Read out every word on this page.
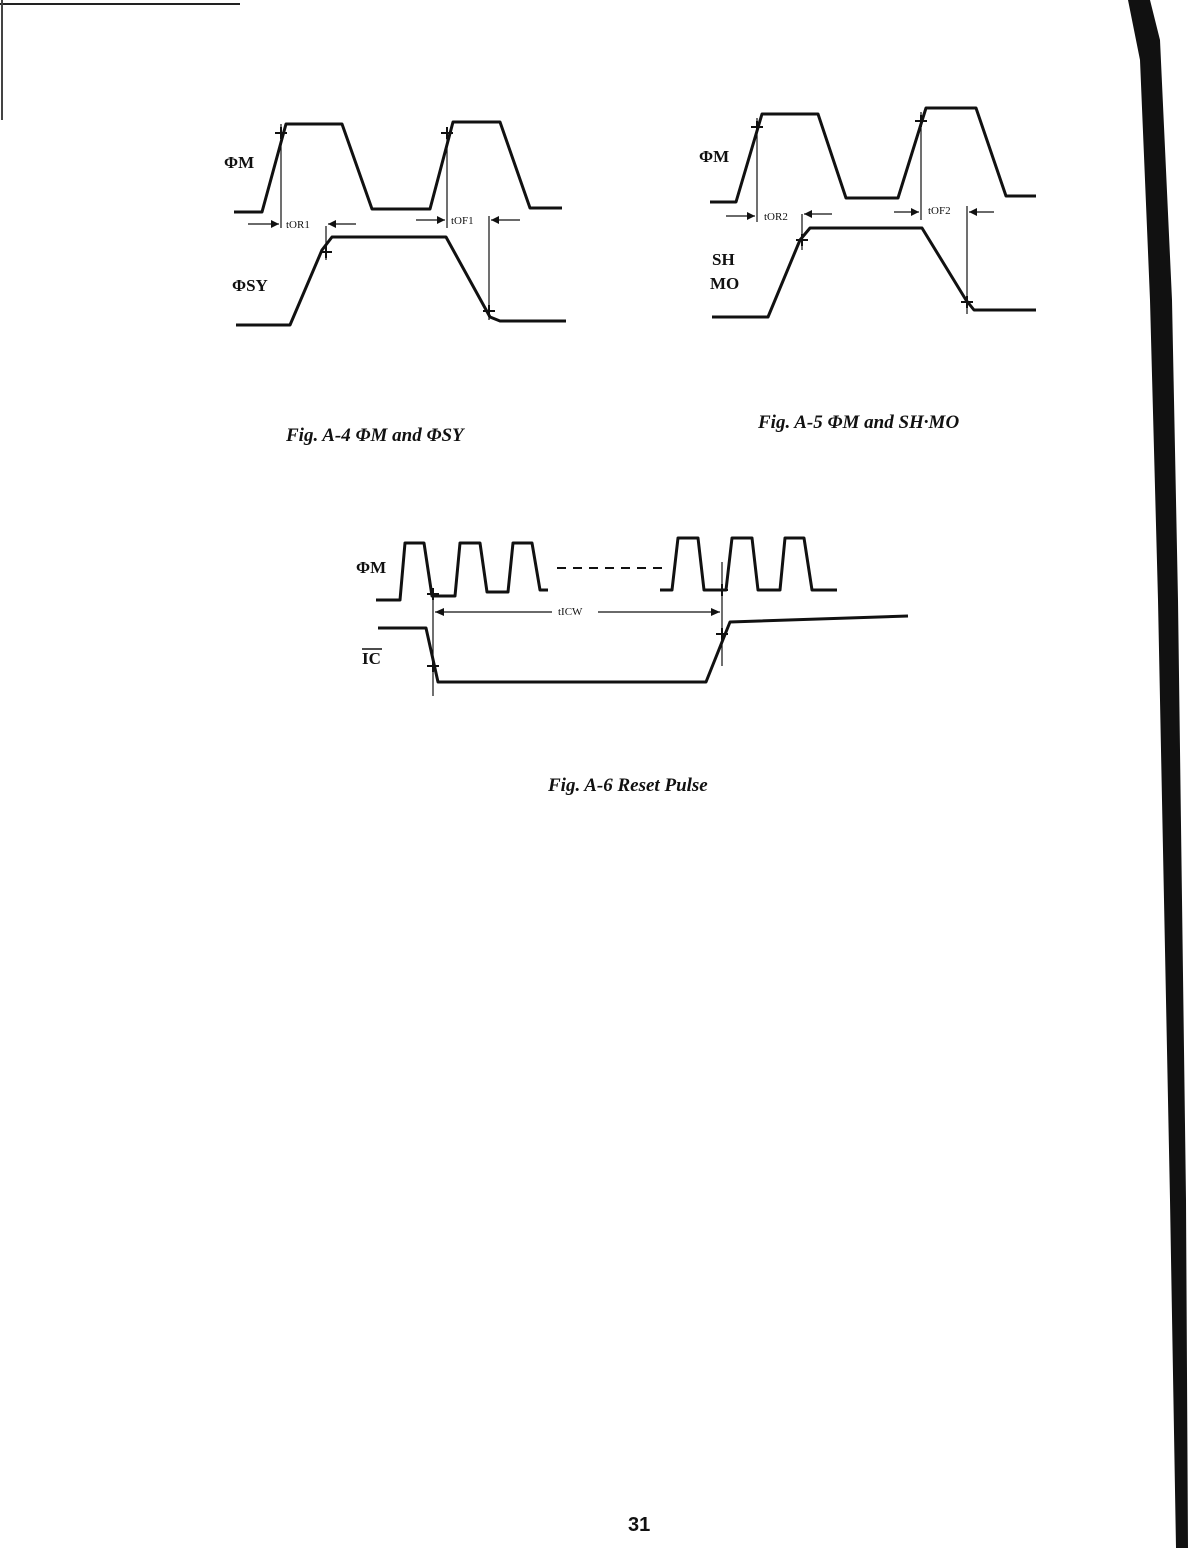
ΦM
ΦSY
tOR1	tOF1
Fig. A-4 ΦM and ΦSY
ΦM
SH
MO
tOR2	tOF2
Fig. A-5 ΦM and SH·MO
ΦM
IC
tICW
Fig. A-6 Reset Pulse
31
